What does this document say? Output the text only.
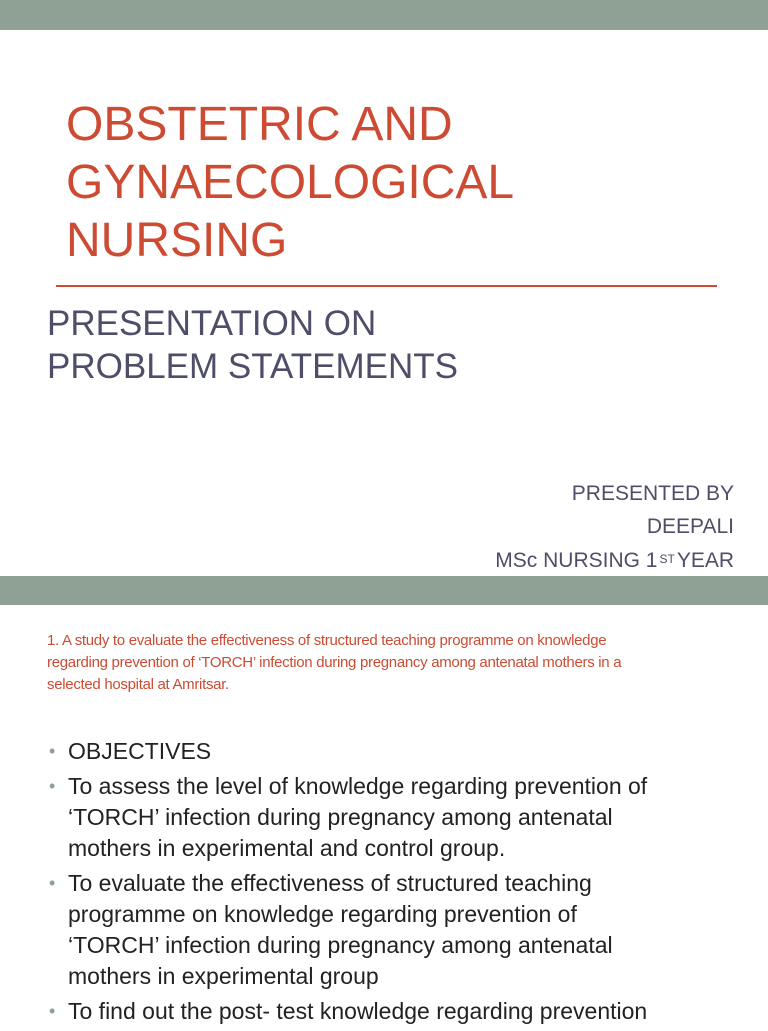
OBSTETRIC AND
GYNAECOLOGICAL
NURSING
PRESENTATION ON
PROBLEM STATEMENTS
PRESENTED BY
DEEPALI
MSc NURSING 1 $^{ST}$YEAR
1. A study to evaluate the effectiveness of structured teaching programme on knowledge
regarding prevention of ‘TORCH’ infection during pregnancy among antenatal mothers in a
selected hospital at Amritsar.
• OBJECTIVES
• To assess the level of knowledge regarding prevention of
‘TORCH’ infection during pregnancy among antenatal
mothers in experimental and control group.
• To evaluate the effectiveness of structured teaching
programme on knowledge regarding prevention of
‘TORCH’ infection during pregnancy among antenatal
mothers in experimental group
• To find out the post- test knowledge regarding prevention
